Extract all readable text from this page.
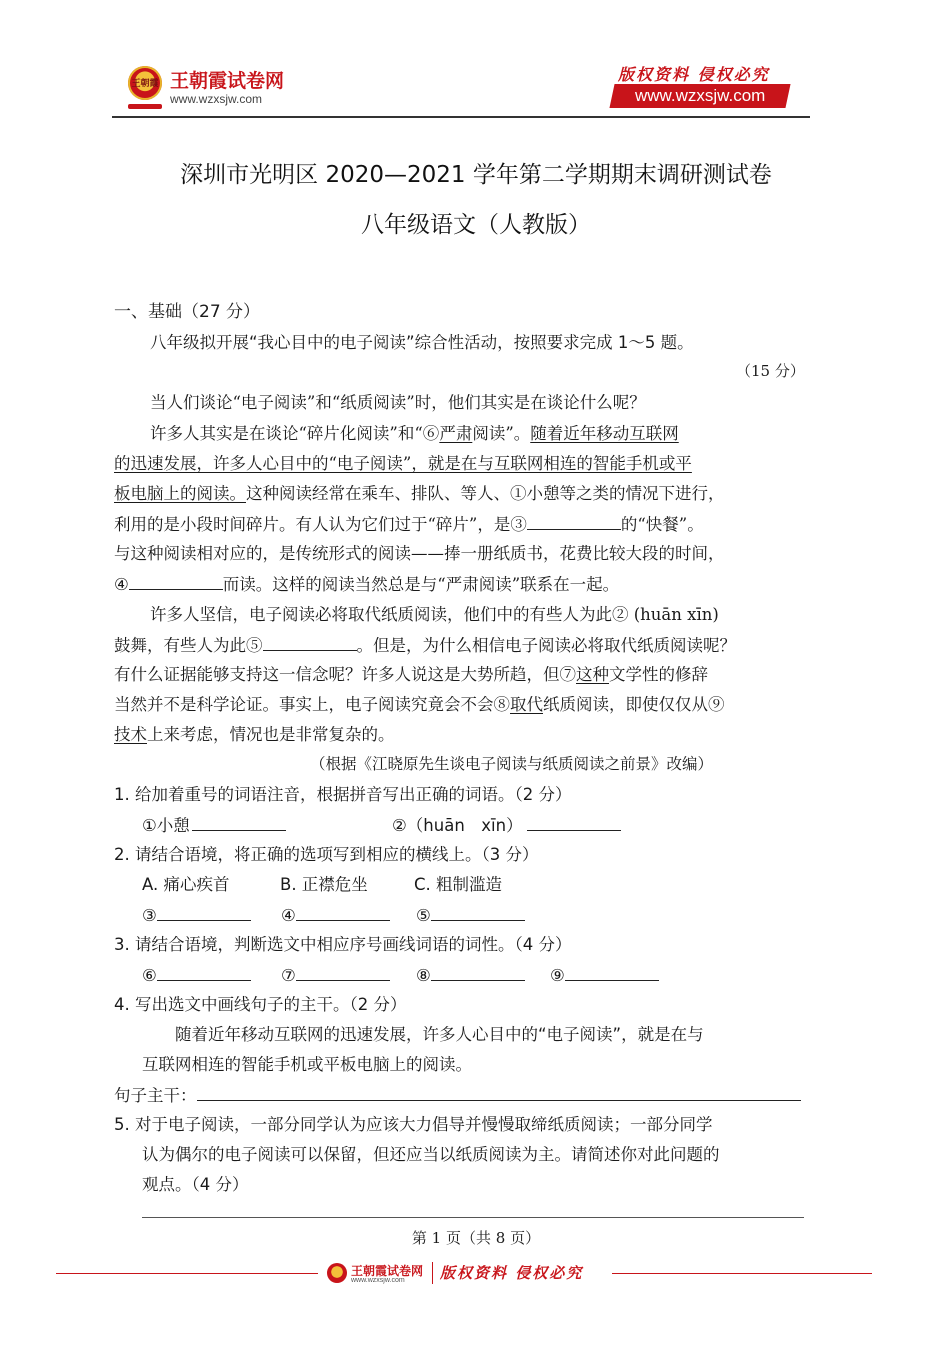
王朝霞 王朝霞试卷网
www.wzxsjw.com
版权资料 侵权必究
www.wzxsjw.com
深圳市光明区 2020—2021 学年第二学期期末调研测试卷
八年级语文（人教版）
一、基础（27 分）
八年级拟开展“我心目中的电子阅读”综合性活动，按照要求完成 1～5 题。
（15 分）
当人们谈论“电子阅读”和“纸质阅读”时，他们其实是在谈论什么呢？
许多人其实是在谈论“碎片化阅读”和“⑥严肃阅读”。随着近年移动互联网
的迅速发展，许多人心目中的“电子阅读”，就是在与互联网相连的智能手机或平
板电脑上的阅读。这种阅读经常在乘车、排队、等人、①小憩等之类的情况下进行，
利用的是小段时间碎片。有人认为它们过于“碎片”，是③	的“快餐”。
与这种阅读相对应的，是传统形式的阅读——捧一册纸质书，花费比较大段的时间，
④	而读。这样的阅读当然总是与“严肃阅读”联系在一起。
许多人坚信，电子阅读必将取代纸质阅读，他们中的有些人为此② (huān xīn)
鼓舞，有些人为此⑤	。但是，为什么相信电子阅读必将取代纸质阅读呢？
有什么证据能够支持这一信念呢？许多人说这是大势所趋，但⑦这种文学性的修辞
当然并不是科学论证。事实上，电子阅读究竟会不会⑧取代纸质阅读，即使仅仅从⑨
技术上来考虑，情况也是非常复杂的。
（根据《江晓原先生谈电子阅读与纸质阅读之前景》改编）
1. 给加着重号的词语注音，根据拼音写出正确的词语。（2 分）
①小憩	②（huān　xīn）
2. 请结合语境，将正确的选项写到相应的横线上。（3 分）
A. 痛心疾首	B. 正襟危坐	C. 粗制滥造
③	④	⑤
3. 请结合语境，判断选文中相应序号画线词语的词性。（4 分）
⑥	⑦	⑧	⑨
4. 写出选文中画线句子的主干。（2 分）
随着近年移动互联网的迅速发展，许多人心目中的“电子阅读”，就是在与
互联网相连的智能手机或平板电脑上的阅读。
句子主干：
5. 对于电子阅读，一部分同学认为应该大力倡导并慢慢取缔纸质阅读；一部分同学
认为偶尔的电子阅读可以保留，但还应当以纸质阅读为主。请简述你对此问题的
观点。（4 分）
第 1 页（共 8 页）
王朝霞试卷网
www.wzxsjw.com 版权资料 侵权必究
